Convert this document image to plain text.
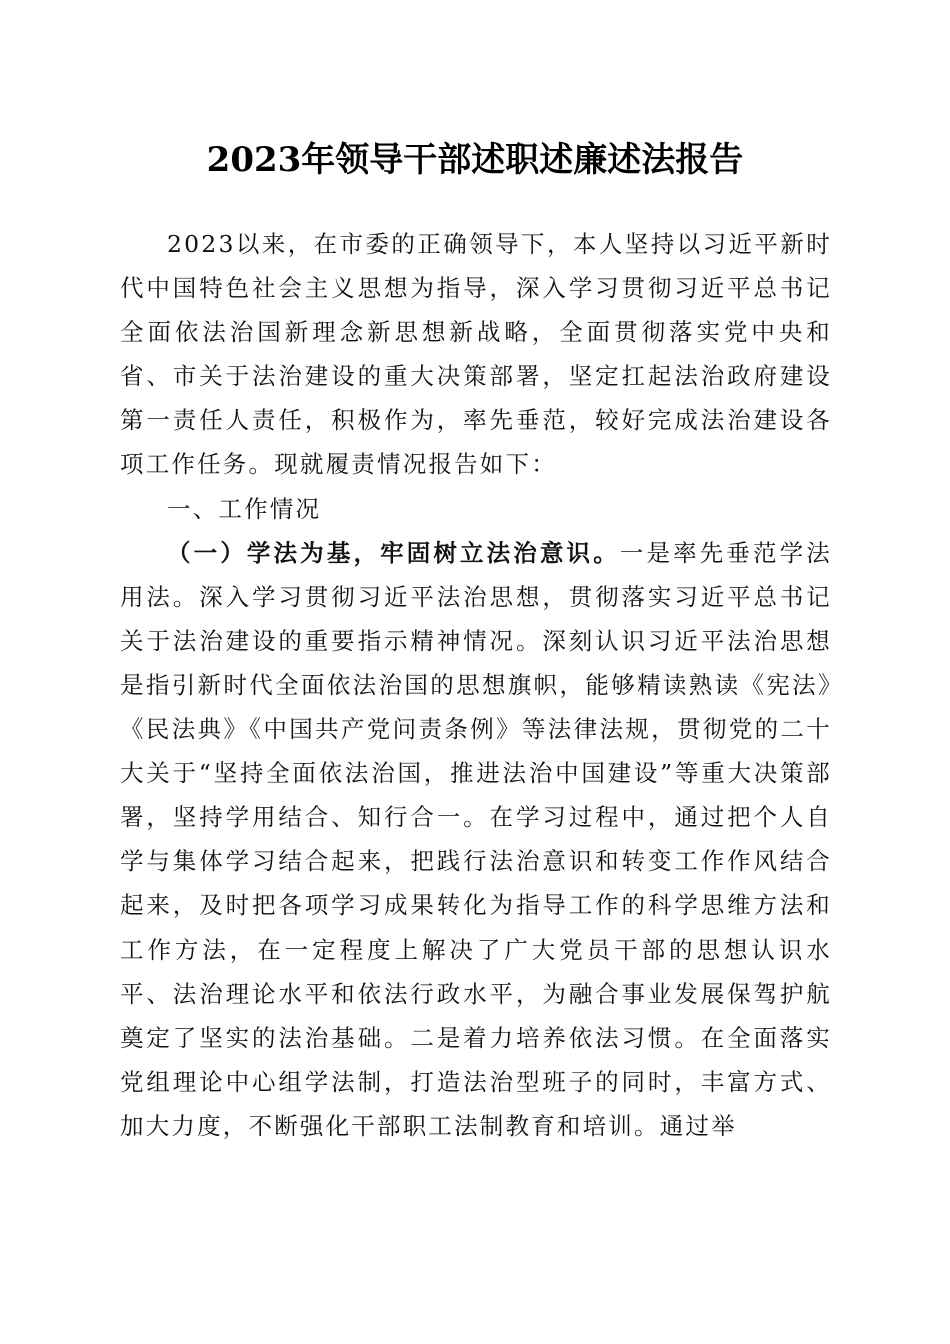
2023年领导干部述职述廉述法报告

2023以来，在市委的正确领导下，本人坚持以习近平新时代中国特色社会主义思想为指导，深入学习贯彻习近平总书记全面依法治国新理念新思想新战略，全面贯彻落实党中央和省、市关于法治建设的重大决策部署，坚定扛起法治政府建设第一责任人责任，积极作为，率先垂范，较好完成法治建设各项工作任务。现就履责情况报告如下：

一、工作情况

（一）学法为基，牢固树立法治意识。一是率先垂范学法用法。深入学习贯彻习近平法治思想，贯彻落实习近平总书记关于法治建设的重要指示精神情况。深刻认识习近平法治思想是指引新时代全面依法治国的思想旗帜，能够精读熟读《宪法》《民法典》《中国共产党问责条例》等法律法规，贯彻党的二十大关于“坚持全面依法治国，推进法治中国建设”等重大决策部署，坚持学用结合、知行合一。在学习过程中，通过把个人自学与集体学习结合起来，把践行法治意识和转变工作作风结合起来，及时把各项学习成果转化为指导工作的科学思维方法和工作方法，在一定程度上解决了广大党员干部的思想认识水平、法治理论水平和依法行政水平，为融合事业发展保驾护航奠定了坚实的法治基础。二是着力培养依法习惯。在全面落实党组理论中心组学法制，打造法治型班子的同时，丰富方式、加大力度，不断强化干部职工法制教育和培训。通过举
